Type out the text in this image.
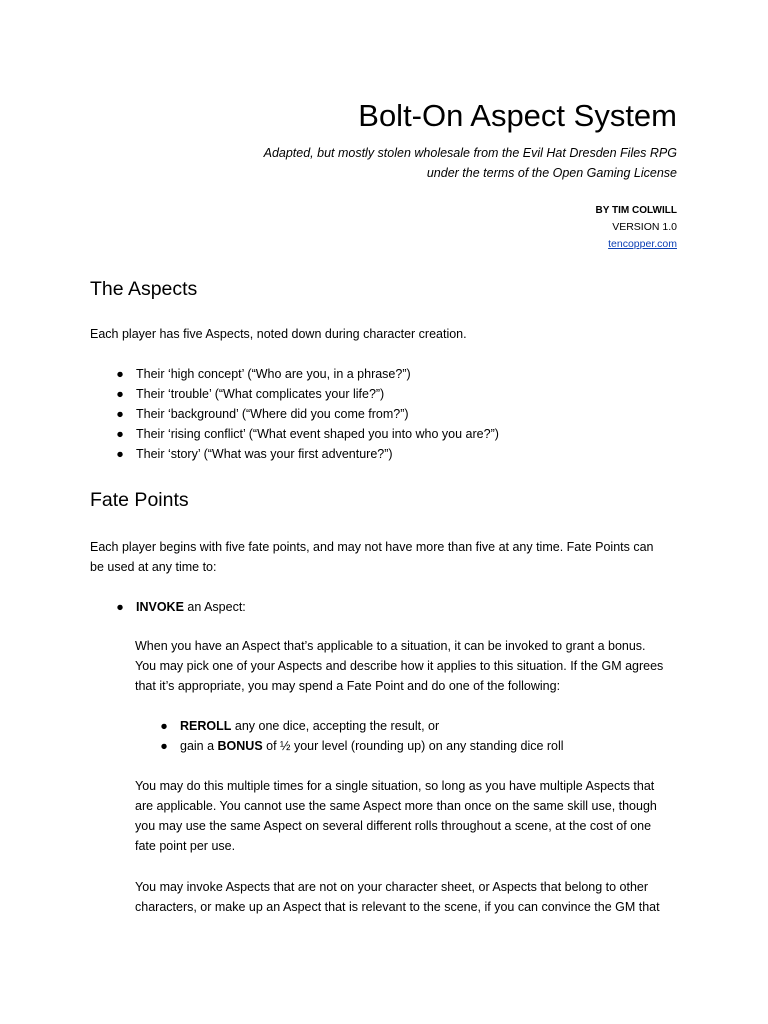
Bolt-On Aspect System
Adapted, but mostly stolen wholesale from the Evil Hat Dresden Files RPG
under the terms of the Open Gaming License
BY TIM COLWILL
VERSION 1.0
tencopper.com
The Aspects
Each player has five Aspects, noted down during character creation.
● Their ‘high concept’ (“Who are you, in a phrase?”)
● Their ‘trouble’ (“What complicates your life?”)
● Their ‘background’ (“Where did you come from?”)
● Their ‘rising conflict’ (“What event shaped you into who you are?”)
● Their ‘story’ (“What was your first adventure?”)
Fate Points
Each player begins with five fate points, and may not have more than five at any time. Fate Points can
be used at any time to:
● INVOKE an Aspect:
When you have an Aspect that’s applicable to a situation, it can be invoked to grant a bonus.
You may pick one of your Aspects and describe how it applies to this situation. If the GM agrees
that it’s appropriate, you may spend a Fate Point and do one of the following:
● REROLL any one dice, accepting the result, or
● gain a BONUS of ½ your level (rounding up) on any standing dice roll
You may do this multiple times for a single situation, so long as you have multiple Aspects that
are applicable. You cannot use the same Aspect more than once on the same skill use, though
you may use the same Aspect on several different rolls throughout a scene, at the cost of one
fate point per use.
You may invoke Aspects that are not on your character sheet, or Aspects that belong to other
characters, or make up an Aspect that is relevant to the scene, if you can convince the GM that
